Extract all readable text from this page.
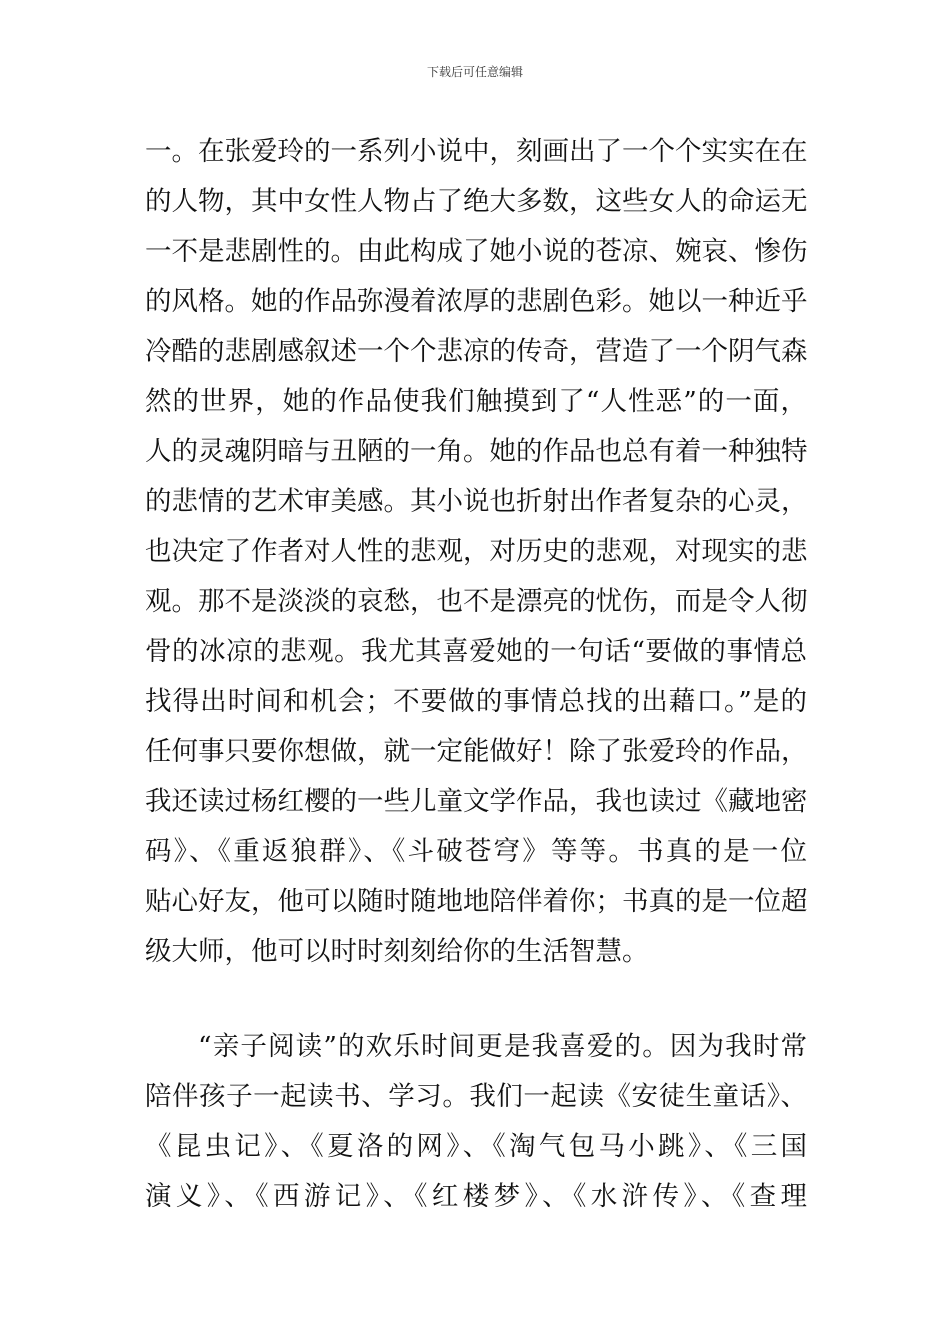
下载后可任意编辑
一。在张爱玲的一系列小说中，刻画出了一个个实实在在
的人物，其中女性人物占了绝大多数，这些女人的命运无
一不是悲剧性的。由此构成了她小说的苍凉、婉哀、惨伤
的风格。她的作品弥漫着浓厚的悲剧色彩。她以一种近乎
冷酷的悲剧感叙述一个个悲凉的传奇，营造了一个阴气森
然的世界，她的作品使我们触摸到了“人性恶”的一面，
人的灵魂阴暗与丑陋的一角。她的作品也总有着一种独特
的悲情的艺术审美感。其小说也折射出作者复杂的心灵，
也决定了作者对人性的悲观，对历史的悲观，对现实的悲
观。那不是淡淡的哀愁，也不是漂亮的忧伤，而是令人彻
骨的冰凉的悲观。我尤其喜爱她的一句话“要做的事情总
找得出时间和机会；不要做的事情总找的出藉口。”是的
任何事只要你想做，就一定能做好！除了张爱玲的作品，
我还读过杨红樱的一些儿童文学作品，我也读过《藏地密
码》、《重返狼群》、《斗破苍穹》等等。书真的是一位
贴心好友，他可以随时随地地陪伴着你；书真的是一位超
级大师，他可以时时刻刻给你的生活智慧。
“亲子阅读”的欢乐时间更是我喜爱的。因为我时常
陪伴孩子一起读书、学习。我们一起读《安徒生童话》、
《昆虫记》、《夏洛的网》、《淘气包马小跳》、《三国
演义》、《西游记》、《红楼梦》、《水浒传》、《查理
